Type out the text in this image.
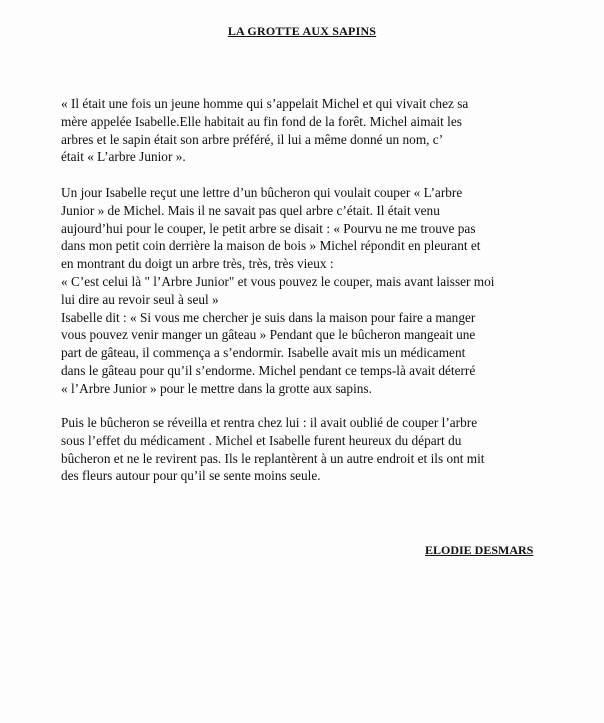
LA GROTTE AUX SAPINS

« Il était une fois un jeune homme qui s’appelait Michel et qui vivait chez sa
mère appelée Isabelle.Elle habitait au fin fond de la forêt. Michel aimait les
arbres et le sapin était son arbre préféré, il lui a même donné un nom, c’
était « L’arbre Junior ».

Un jour Isabelle reçut une lettre d’un bûcheron qui voulait couper « L’arbre
Junior » de Michel. Mais il ne savait pas quel arbre c’était. Il était venu
aujourd’hui pour le couper, le petit arbre se disait : « Pourvu ne me trouve pas
dans mon petit coin derrière la maison de bois » Michel répondit en pleurant et
en montrant du doigt un arbre très, très, très vieux :
« C’est celui là " l’Arbre Junior" et vous pouvez le couper, mais avant laisser moi
lui dire au revoir seul à seul »
Isabelle dit : « Si vous me chercher je suis dans la maison pour faire a manger
vous pouvez venir manger un gâteau » Pendant que le bûcheron mangeait une
part de gâteau, il commença a s’endormir. Isabelle avait mis un médicament
dans le gâteau pour qu’il s’endorme. Michel pendant ce temps-là avait déterré
« l’Arbre Junior » pour le mettre dans la grotte aux sapins.

Puis le bûcheron se réveilla et rentra chez lui : il avait oublié de couper l’arbre
sous l’effet du médicament . Michel et Isabelle furent heureux du départ du
bûcheron et ne le revirent pas. Ils le replantèrent à un autre endroit et ils ont mit
des fleurs autour pour qu’il se sente moins seule.

ELODIE DESMARS
